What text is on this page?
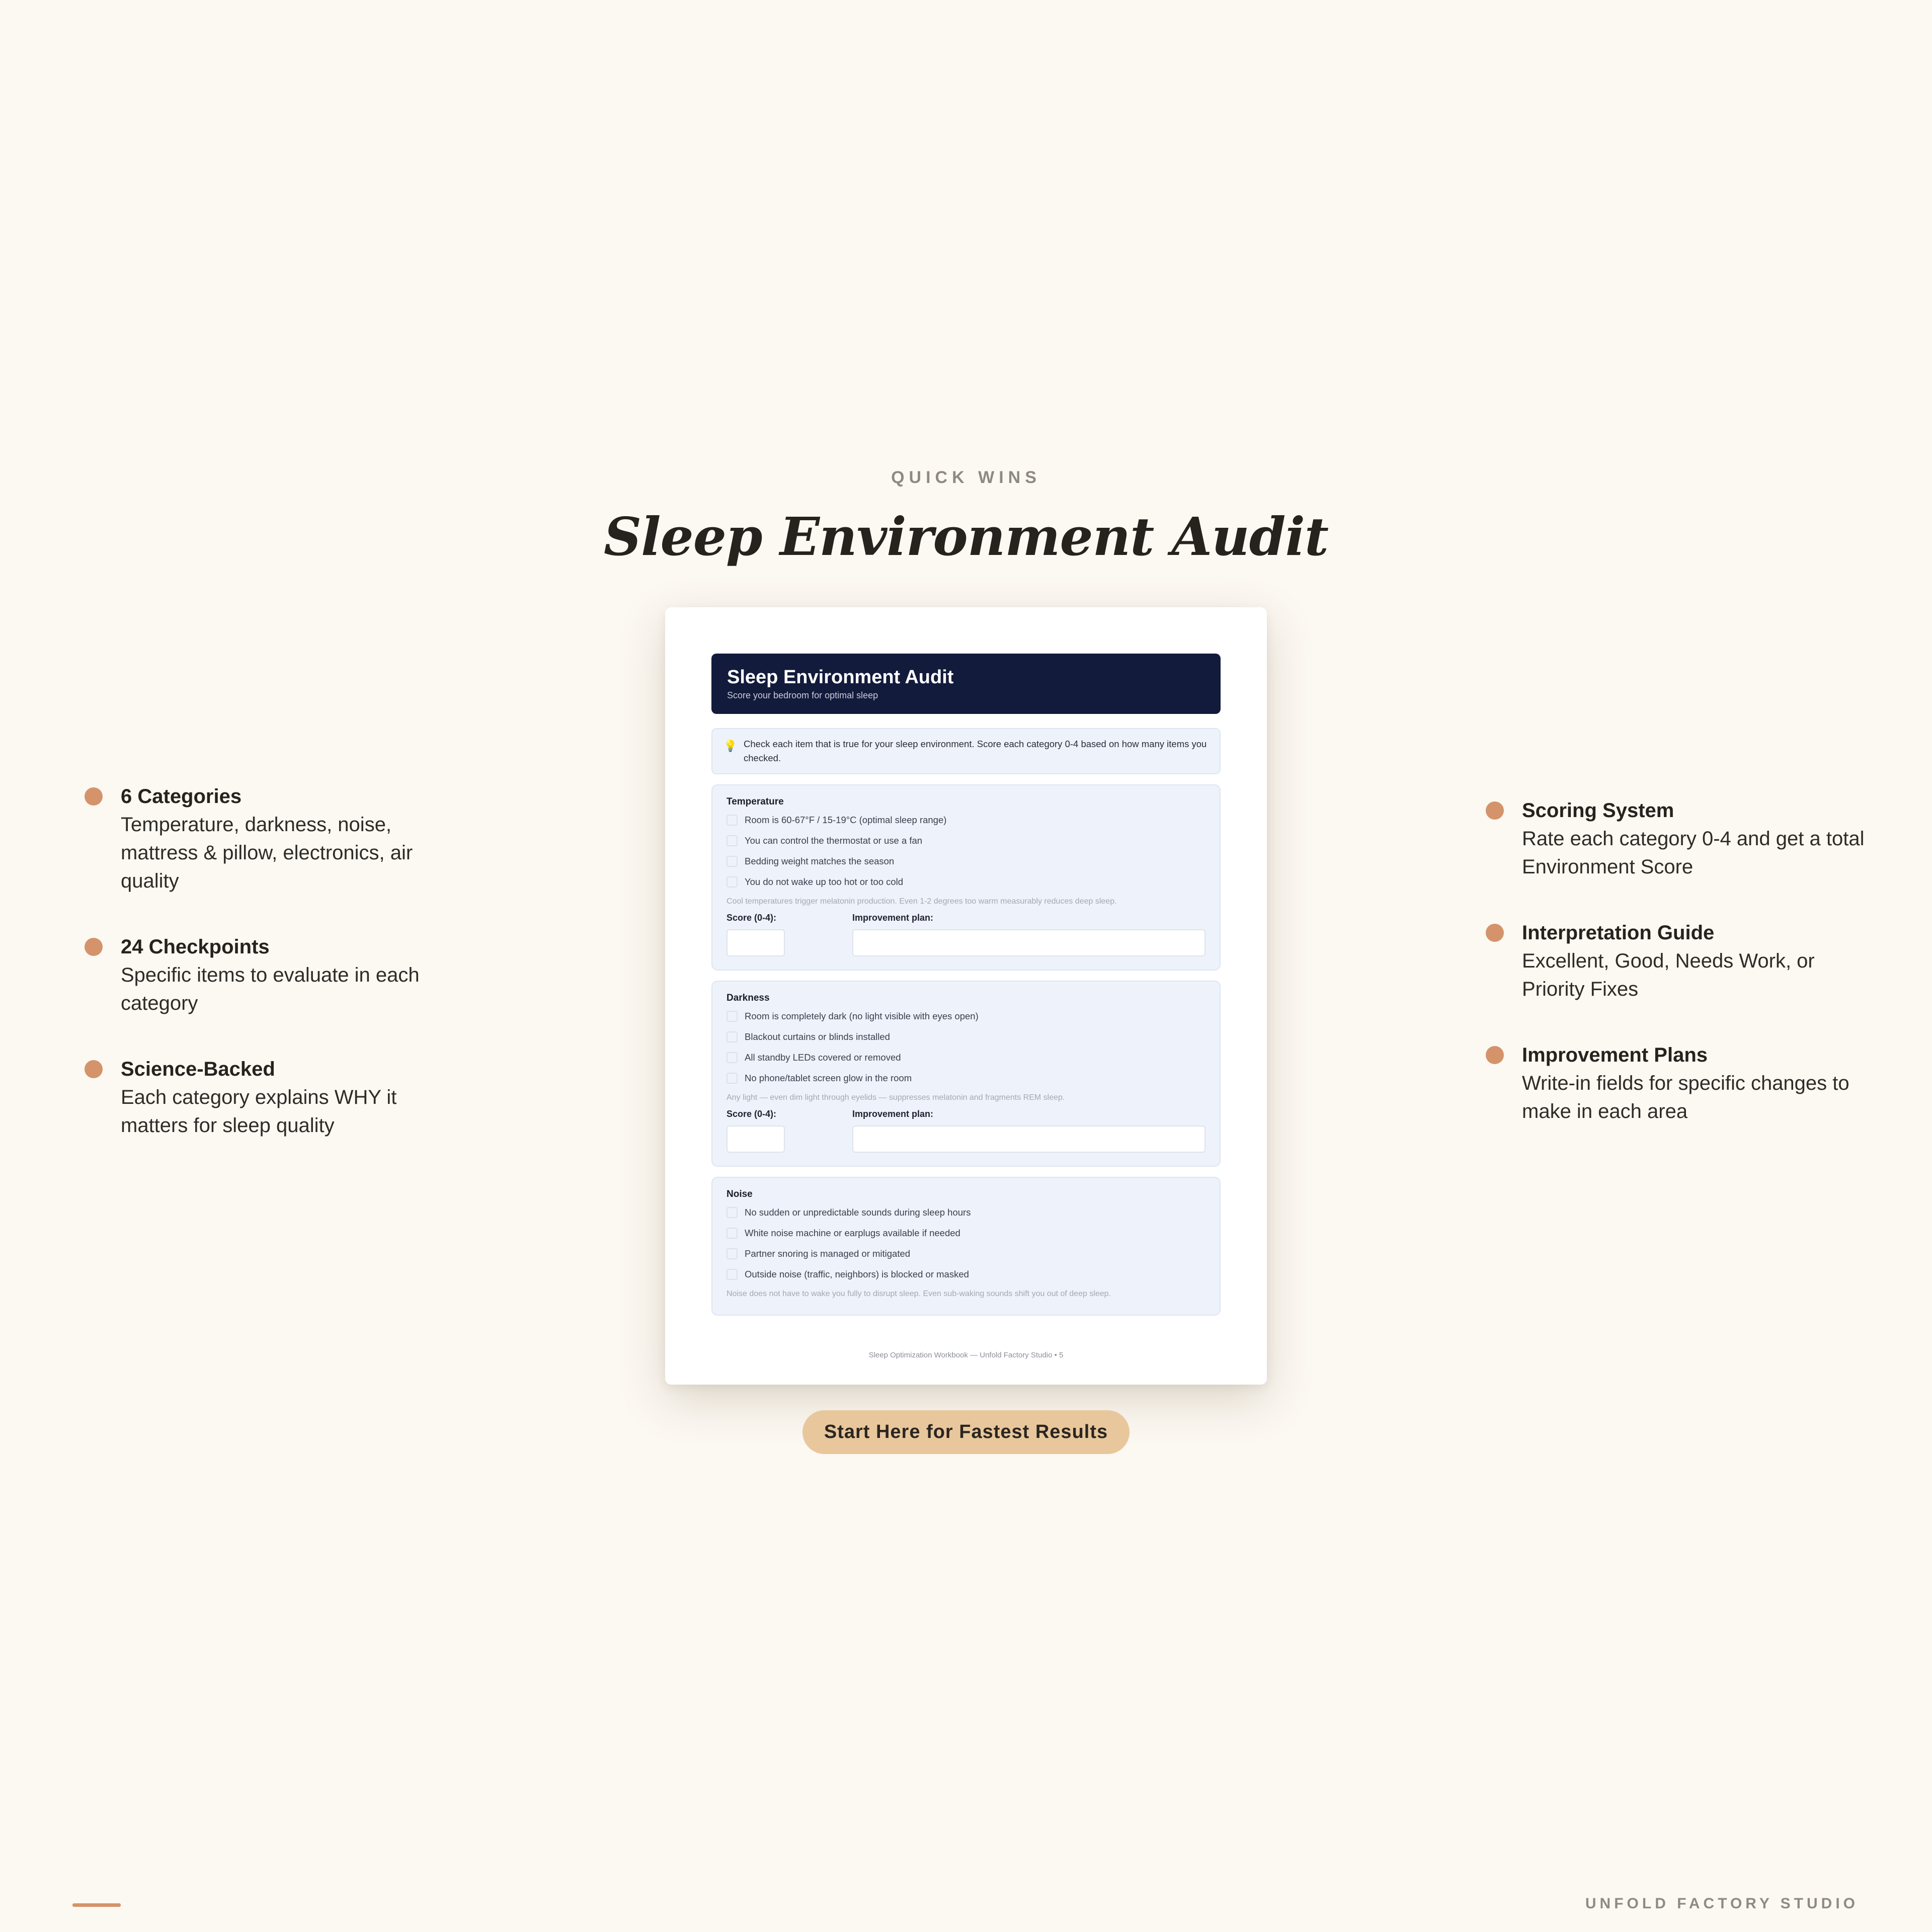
QUICK WINS
Sleep Environment Audit
6 Categories
Temperature, darkness, noise, mattress & pillow, electronics, air quality
24 Checkpoints
Specific items to evaluate in each category
Science-Backed
Each category explains WHY it matters for sleep quality
Scoring System
Rate each category 0-4 and get a total Environment Score
Interpretation Guide
Excellent, Good, Needs Work, or Priority Fixes
Improvement Plans
Write-in fields for specific changes to make in each area
Sleep Environment Audit
Score your bedroom for optimal sleep
💡 Check each item that is true for your sleep environment. Score each category 0-4 based on how many items you checked.
Temperature
Room is 60-67°F / 15-19°C (optimal sleep range)
You can control the thermostat or use a fan
Bedding weight matches the season
You do not wake up too hot or too cold
Cool temperatures trigger melatonin production. Even 1-2 degrees too warm measurably reduces deep sleep.
Score (0-4):	Improvement plan:
Darkness
Room is completely dark (no light visible with eyes open)
Blackout curtains or blinds installed
All standby LEDs covered or removed
No phone/tablet screen glow in the room
Any light — even dim light through eyelids — suppresses melatonin and fragments REM sleep.
Score (0-4):	Improvement plan:
Noise
No sudden or unpredictable sounds during sleep hours
White noise machine or earplugs available if needed
Partner snoring is managed or mitigated
Outside noise (traffic, neighbors) is blocked or masked
Noise does not have to wake you fully to disrupt sleep. Even sub-waking sounds shift you out of deep sleep.
Sleep Optimization Workbook — Unfold Factory Studio • 5
Start Here for Fastest Results
UNFOLD FACTORY STUDIO
